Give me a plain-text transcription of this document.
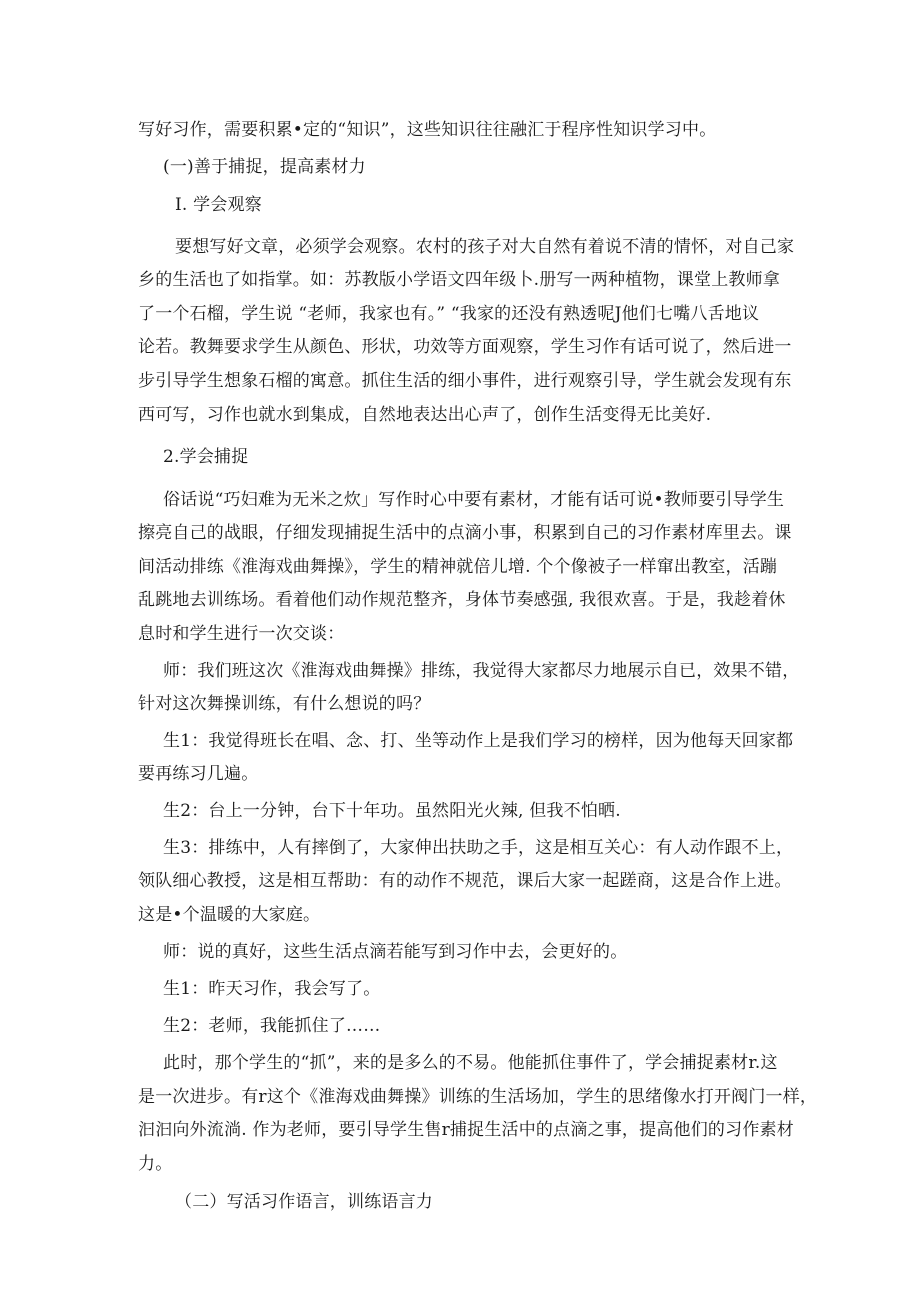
写好习作，需要积累•定的“知识”，这些知识往往融汇于程序性知识学习中。
(一)善于捕捉，提高素材力
I. 学会观察
要想写好文章，必须学会观察。农村的孩子对大自然有着说不清的情怀，对自己家
乡的生活也了如指掌。如：苏教版小学语文四年级卜.册写一两种植物，课堂上教师拿
了一个石榴，学生说 “老师，我家也有。” “我家的还没有熟透呢J他们七嘴八舌地议
论若。教舞要求学生从颜色、形状，功效等方面观察，学生习作有话可说了，然后进一
步引导学生想象石榴的寓意。抓住生活的细小事件，进行观察引导，学生就会发现有东
西可写，习作也就水到集成，自然地表达出心声了，创作生活变得无比美好.
2.学会捕捉
俗话说“巧妇难为无米之炊」写作时心中要有素材，才能有话可说•教师要引导学生
擦亮自己的战眼，仔细发现捕捉生活中的点滴小事，积累到自己的习作素材库里去。课
间活动排练《淮海戏曲舞操》，学生的精神就倍儿增. 个个像被子一样窜出教室，活蹦
乱跳地去训练场。看着他们动作规范整齐，身体节奏感强, 我很欢喜。于是，我趁着休
息时和学生进行一次交谈：
师：我们班这次《淮海戏曲舞操》排练，我觉得大家都尽力地展示自已，效果不错，
针对这次舞操训练，有什么想说的吗？
生1：我觉得班长在唱、念、打、坐等动作上是我们学习的榜样，因为他每天回家都
要再练习几遍。
生2：台上一分钟，台下十年功。虽然阳光火辣, 但我不怕晒.
生3：排练中，人有摔倒了，大家伸出扶助之手，这是相互关心：有人动作跟不上，
领队细心教授，这是相互帮助：有的动作不规范，课后大家一起蹉商，这是合作上进。
这是•个温暖的大家庭。
师：说的真好，这些生活点滴若能写到习作中去，会更好的。
生1：昨天习作，我会写了。
生2：老师，我能抓住了……
此时，那个学生的“抓”，来的是多么的不易。他能抓住事件了，学会捕捉素材r.这
是一次进步。有r这个《淮海戏曲舞操》训练的生活场加，学生的思绪像水打开阀门一样，
汩汩向外流淌. 作为老师，要引导学生售r捕捉生活中的点滴之事，提高他们的习作素材
力。
（二）写活习作语言，训练语言力
